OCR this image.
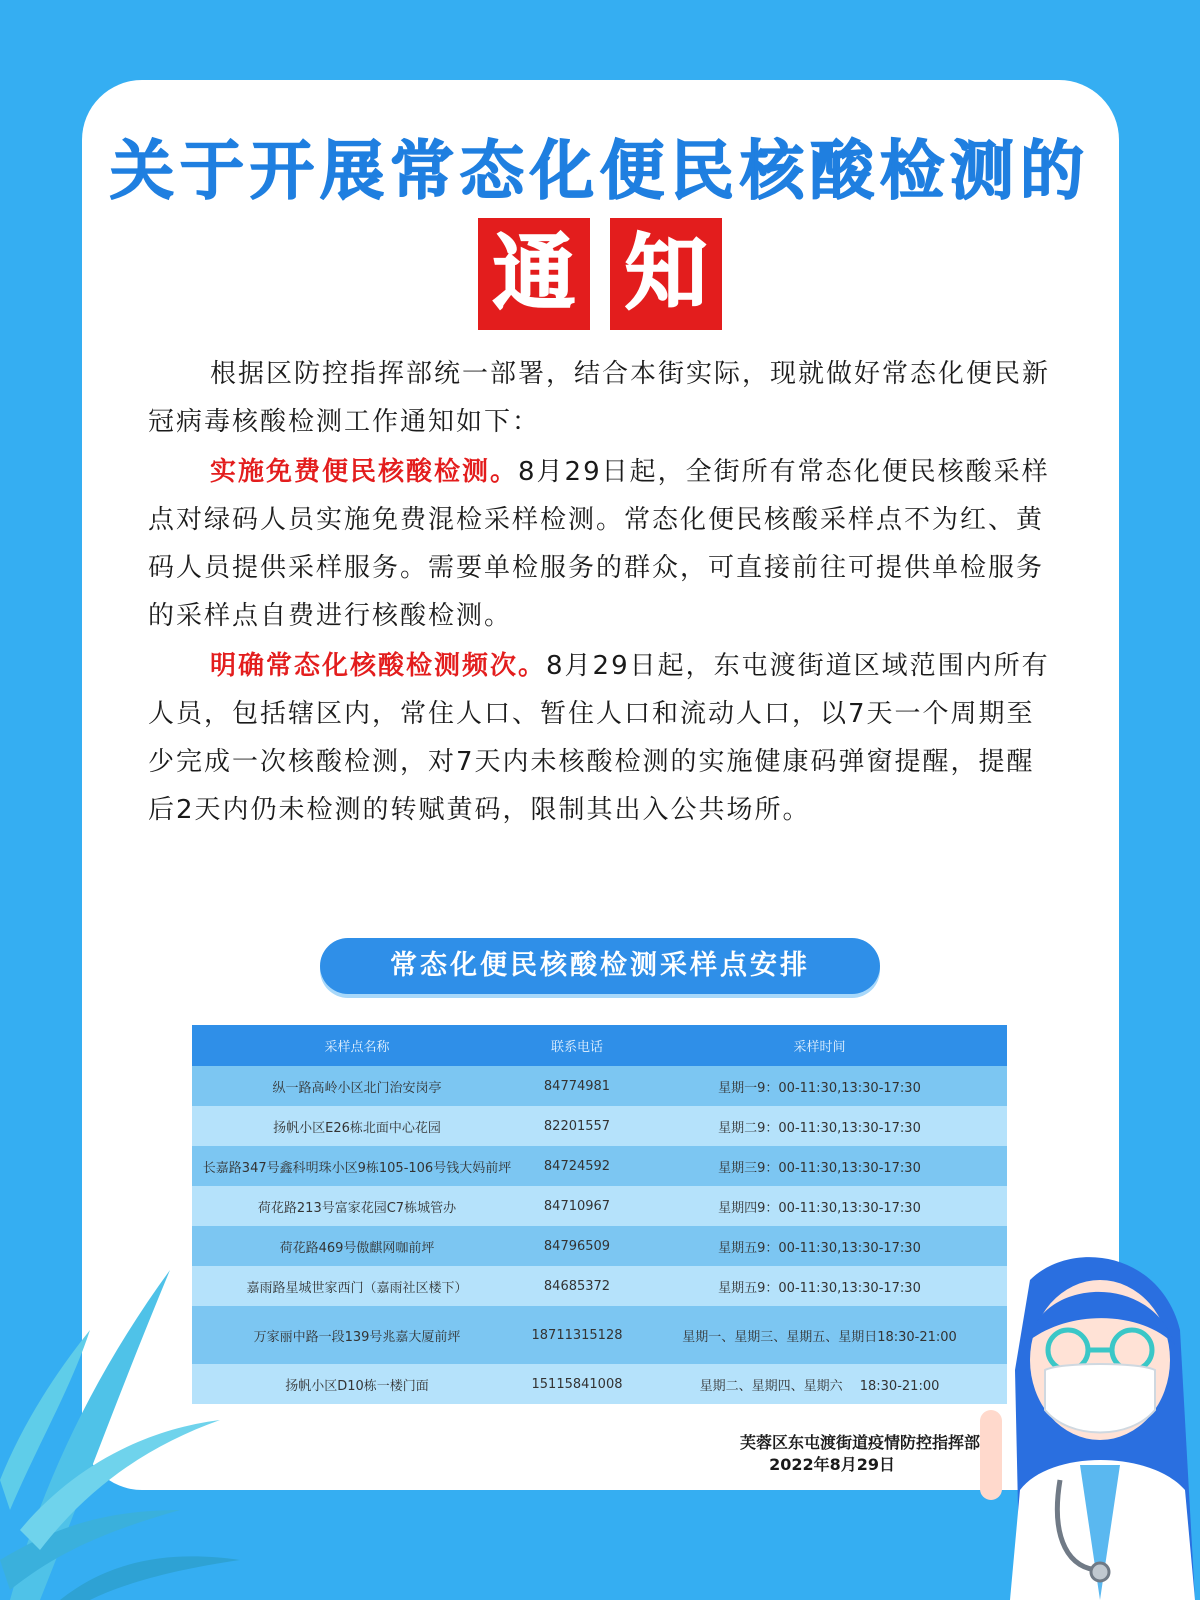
关于开展常态化便民核酸检测的
通 知

根据区防控指挥部统一部署，结合本街实际，现就做好常态化便民新冠病毒核酸检测工作通知如下：

实施免费便民核酸检测。8月29日起，全街所有常态化便民核酸采样点对绿码人员实施免费混检采样检测。常态化便民核酸采样点不为红、黄码人员提供采样服务。需要单检服务的群众，可直接前往可提供单检服务的采样点自费进行核酸检测。

明确常态化核酸检测频次。8月29日起，东屯渡街道区域范围内所有人员，包括辖区内，常住人口、暂住人口和流动人口，以7天一个周期至少完成一次核酸检测，对7天内未核酸检测的实施健康码弹窗提醒，提醒后2天内仍未检测的转赋黄码，限制其出入公共场所。

常态化便民核酸检测采样点安排
采样点名称	联系电话	采样时间
纵一路高岭小区北门治安岗亭	84774981	星期一9：00-11:30,13:30-17:30
扬帆小区E26栋北面中心花园	82201557	星期二9：00-11:30,13:30-17:30
长嘉路347号鑫科明珠小区9栋105-106号钱大妈前坪	84724592	星期三9：00-11:30,13:30-17:30
荷花路213号富家花园C7栋城管办	84710967	星期四9：00-11:30,13:30-17:30
荷花路469号傲麒网咖前坪	84796509	星期五9：00-11:30,13:30-17:30
嘉雨路星城世家西门（嘉雨社区楼下）	84685372	星期五9：00-11:30,13:30-17:30
万家丽中路一段139号兆嘉大厦前坪	18711315128	星期一、星期三、星期五、星期日18:30-21:00
扬帆小区D10栋一楼门面	15115841008	星期二、星期四、星期六　 18:30-21:00
芙蓉区东屯渡街道疫情防控指挥部
2022年8月29日
